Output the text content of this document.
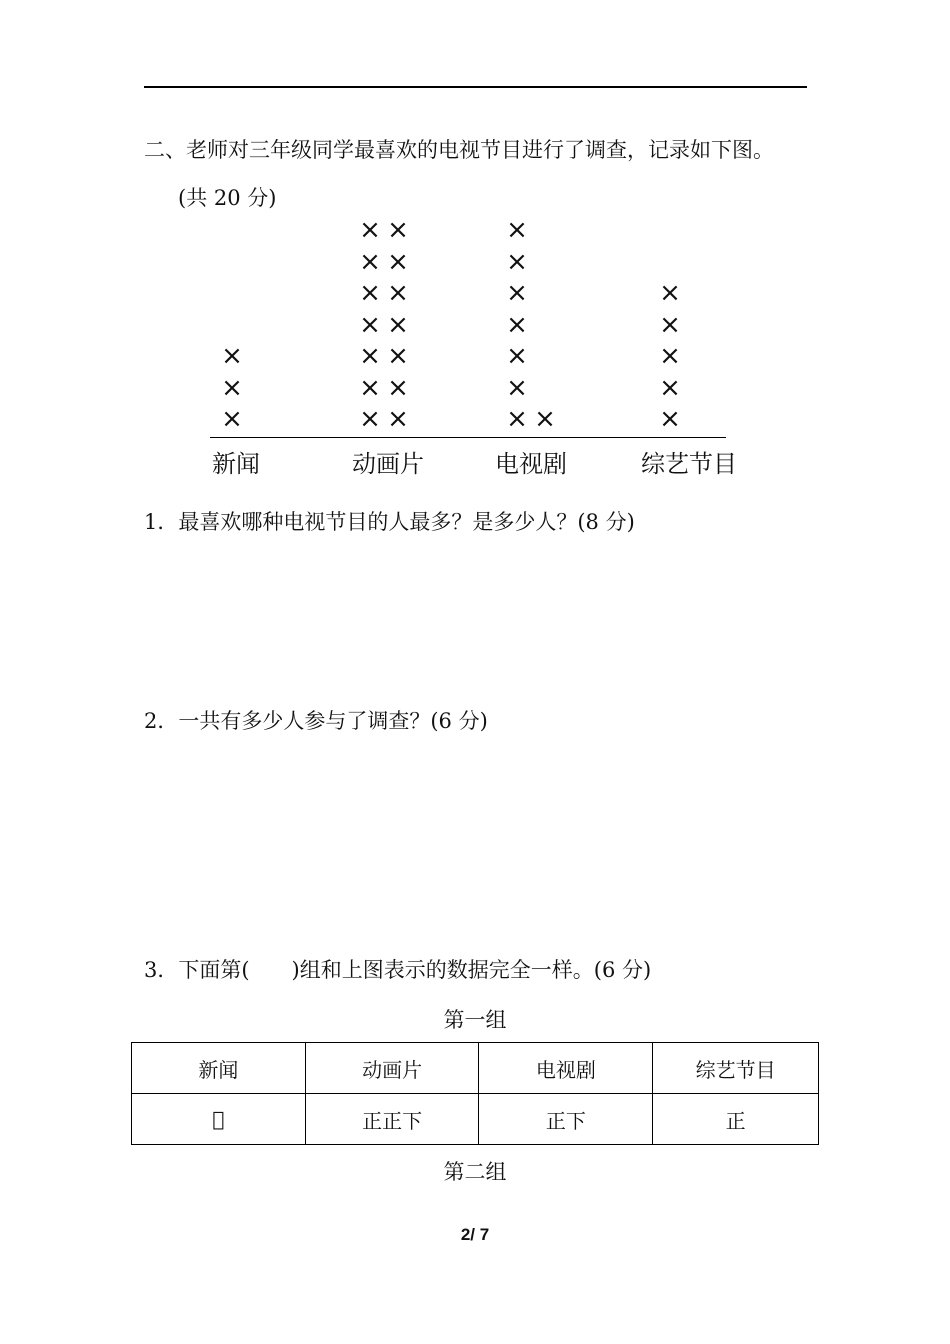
二、老师对三年级同学最喜欢的电视节目进行了调查，记录如下图。
(共 20 分)
新闻	动画片	电视剧	综艺节目
×
×
×
× ×
× ×
× ×
× ×
× ×
× ×
× ×
×
×
×
×
×
×
×
×	×
×
×
×
×
1．最喜欢哪种电视节目的人最多？是多少人？(8 分)
2．一共有多少人参与了调查？(6 分)
3．下面第(　　)组和上图表示的数据完全一样。(6 分)
第一组
新闻	动画片	电视剧	综艺节目
𠀆	正正下	正下	正
第二组
2/ 7
